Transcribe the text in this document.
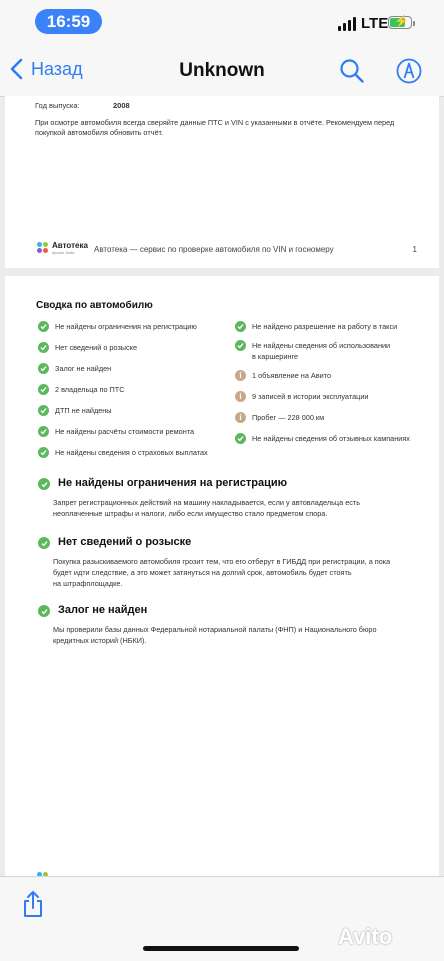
16:59	LTE ⚡
Назад	Unknown
Год выпуска:	2008
При осмотре автомобиля всегда сверяйте данные ПТС и VIN с указанными в отчёте. Рекомендуем перед покупкой автомобиля обновить отчёт.
Автотека
проект Avito Автотека — сервис по проверке автомобиля по VIN и госномеру	1
Сводка по автомобилю
Не найдены ограничения на регистрацию
Нет сведений о розыске
Залог не найден
2 владельца по ПТС
ДТП не найдены
Не найдены расчёты стоимости ремонта
Не найдены сведения о страховых выплатах
Не найдено разрешение на работу в такси
Не найдены сведения об использовании
в каршеринге
i	1 объявление на Авито
i	9 записей в истории эксплуатации
i	Пробег — 228 000 км
Не найдены сведения об отзывных кампаниях
Не найдены ограничения на регистрацию
Запрет регистрационных действий на машину накладывается, если у автовладельца есть
неоплаченные штрафы и налоги, либо если имущество стало предметом спора.
Нет сведений о розыске
Покупка разыскиваемого автомобиля грозит тем, что его отберут в ГИБДД при регистрации, а пока
будет идти следствие, а это может затянуться на долгий срок, автомобиль будет стоять
на штрафплощадке.
Залог не найден
Мы проверили базы данных Федеральной нотариальной палаты (ФНП) и Национального бюро
кредитных историй (НБКИ).
Avito
